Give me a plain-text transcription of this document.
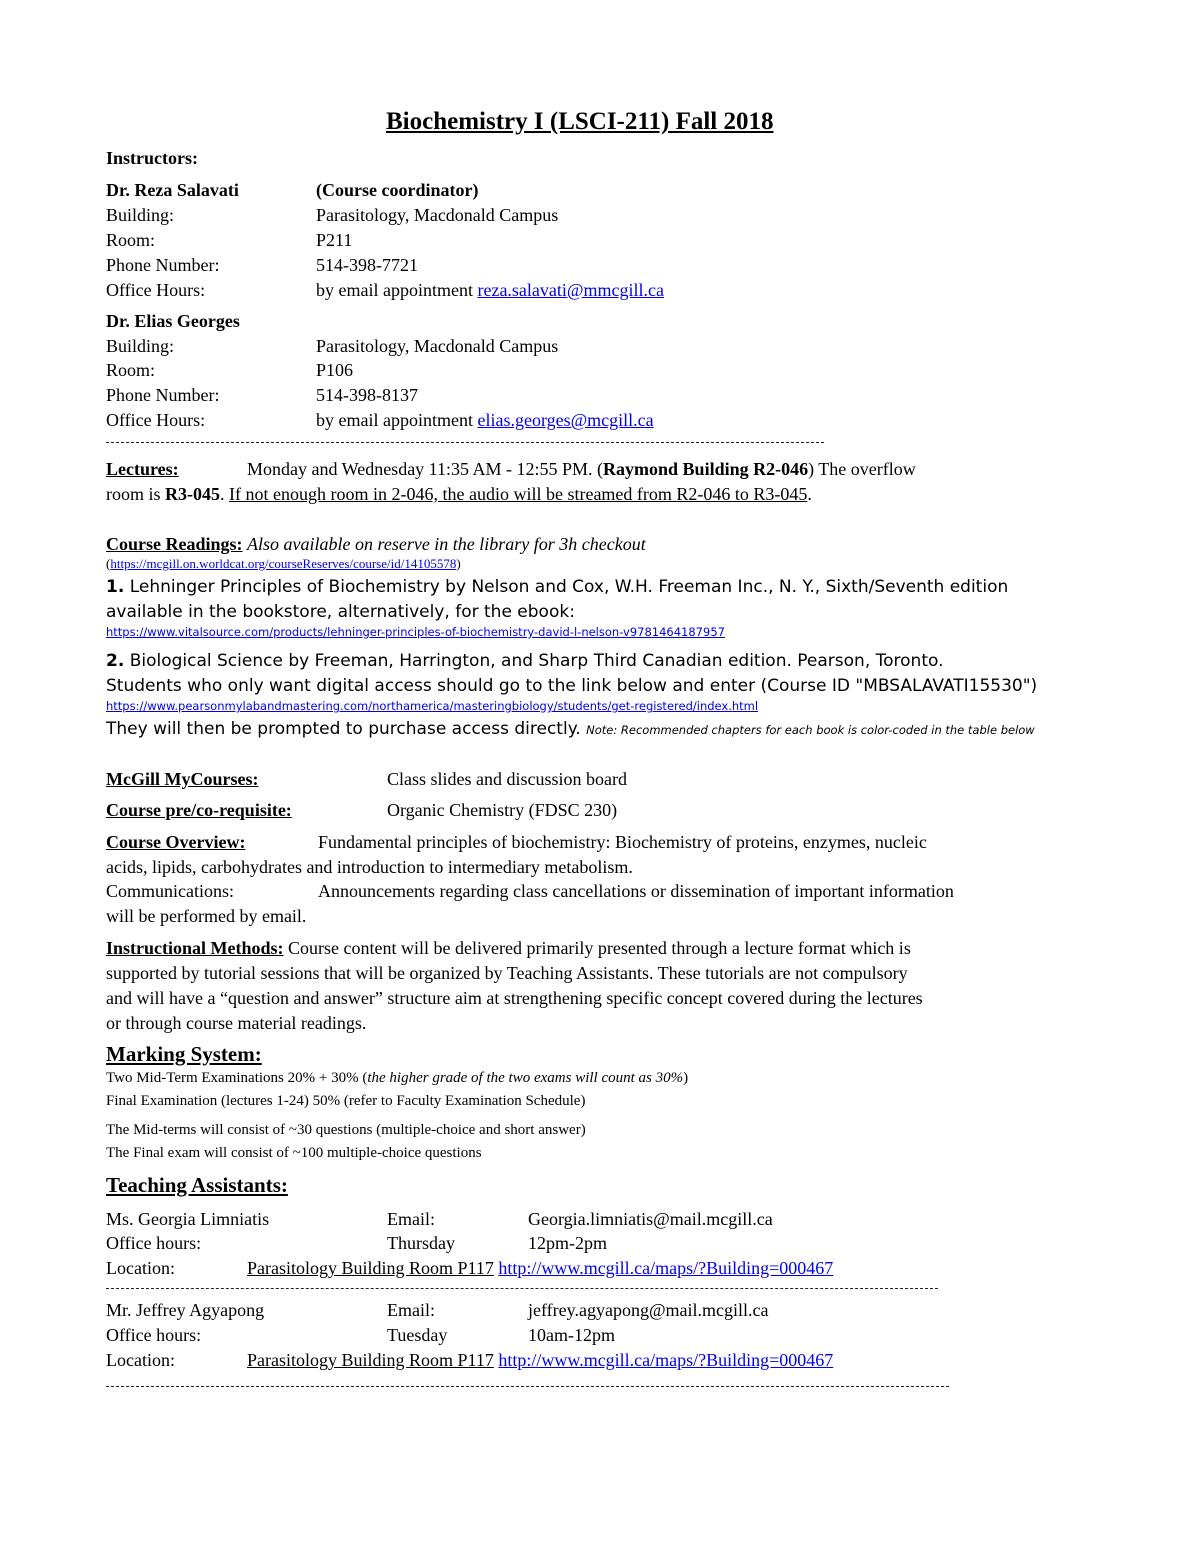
Biochemistry I (LSCI-211) Fall 2018
Instructors:
Dr. Reza Salavati	(Course coordinator)
Building:	Parasitology, Macdonald Campus
Room:	P211
Phone Number:	514-398-7721
Office Hours:	by email appointment reza.salavati@mmcgill.ca
Dr. Elias Georges
Building:	Parasitology, Macdonald Campus
Room:	P106
Phone Number:	514-398-8137
Office Hours:	by email appointment elias.georges@mcgill.ca
Lectures:	Monday and Wednesday 11:35 AM - 12:55 PM. (Raymond Building R2-046) The overflow
room is R3-045. If not enough room in 2-046, the audio will be streamed from R2-046 to R3-045.
Course Readings: Also available on reserve in the library for 3h checkout
(https://mcgill.on.worldcat.org/courseReserves/course/id/14105578)
1. Lehninger Principles of Biochemistry by Nelson and Cox, W.H. Freeman Inc., N. Y., Sixth/Seventh edition
available in the bookstore, alternatively, for the ebook:
https://www.vitalsource.com/products/lehninger-principles-of-biochemistry-david-l-nelson-v9781464187957
2. Biological Science by Freeman, Harrington, and Sharp Third Canadian edition. Pearson, Toronto.
Students who only want digital access should go to the link below and enter (Course ID "MBSALAVATI15530")
https://www.pearsonmylabandmastering.com/northamerica/masteringbiology/students/get-registered/index.html
They will then be prompted to purchase access directly. Note: Recommended chapters for each book is color-coded in the table below
McGill MyCourses:	Class slides and discussion board
Course pre/co-requisite:	Organic Chemistry (FDSC 230)
Course Overview:	Fundamental principles of biochemistry: Biochemistry of proteins, enzymes, nucleic
acids, lipids, carbohydrates and introduction to intermediary metabolism.
Communications:	Announcements regarding class cancellations or dissemination of important information
will be performed by email.
Instructional Methods: Course content will be delivered primarily presented through a lecture format which is
supported by tutorial sessions that will be organized by Teaching Assistants. These tutorials are not compulsory
and will have a “question and answer” structure aim at strengthening specific concept covered during the lectures
or through course material readings.
Marking System:
Two Mid-Term Examinations 20% + 30% (the higher grade of the two exams will count as 30%)
Final Examination (lectures 1-24) 50% (refer to Faculty Examination Schedule)
The Mid-terms will consist of ~30 questions (multiple-choice and short answer)
The Final exam will consist of ~100 multiple-choice questions
Teaching Assistants:
Ms. Georgia Limniatis	Email:	Georgia.limniatis@mail.mcgill.ca
Office hours:	Thursday	12pm-2pm
Location:	Parasitology Building Room P117 http://www.mcgill.ca/maps/?Building=000467
Mr. Jeffrey Agyapong	Email:	jeffrey.agyapong@mail.mcgill.ca
Office hours:	Tuesday	10am-12pm
Location:	Parasitology Building Room P117 http://www.mcgill.ca/maps/?Building=000467
